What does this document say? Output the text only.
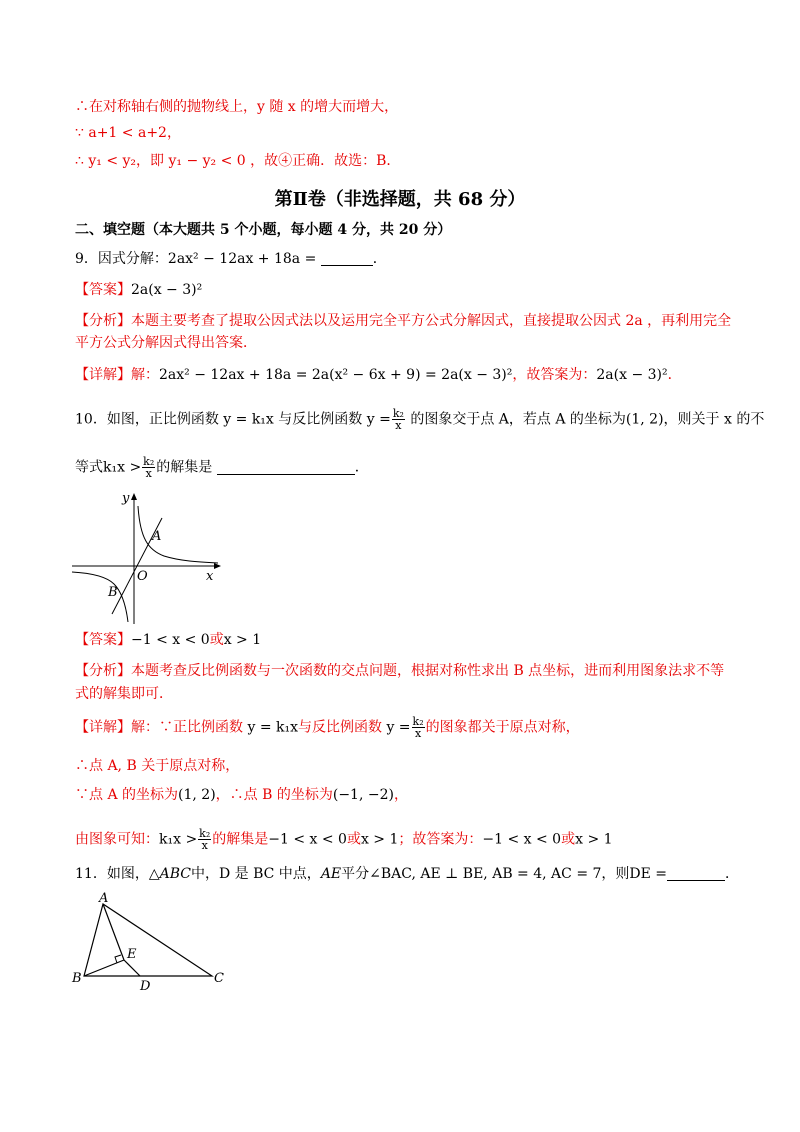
∴在对称轴右侧的抛物线上，y 随 x 的增大而增大，
∵ a+1 < a+2，
∴ y₁ < y₂，即 y₁ − y₂ < 0 ，故④正确．故选：B．
第Ⅱ卷（非选择题，共 68 分）
二、填空题（本大题共 5 个小题，每小题 4 分，共 20 分）
9．因式分解：2ax² − 12ax + 18a =	．
【答案】2a(x − 3)²
【分析】本题主要考查了提取公因式法以及运用完全平方公式分解因式，直接提取公因式 2a ，再利用完全
平方公式分解因式得出答案．
【详解】解：2ax² − 12ax + 18a = 2a(x² − 6x + 9) = 2a(x − 3)²，故答案为：2a(x − 3)²．
10．如图，正比例函数 y = k₁x 与反比例函数 $y = \frac{\text{k₂}}{x}$ 的图象交于点 A，若点 A 的坐标为(1, 2)，则关于 x 的不
等式$k_1x > \frac{\text{k₂}}{x}$ 的解集是	．
y
x
A
O
B
【答案】−1 < x < 0或x > 1
【分析】本题考查反比例函数与一次函数的交点问题，根据对称性求出 B 点坐标，进而利用图象法求不等
式的解集即可．
【详解】解：∵正比例函数 y = k₁x与反比例函数 $y = \frac{\text{k₂}}{x}$ 的图象都关于原点对称，
∴点 A, B 关于原点对称，
∵点 A 的坐标为(1, 2)，∴点 B 的坐标为(−1, −2)，
由图象可知：$k_1x > \frac{\text{k₂}}{x}$ 的解集是−1 < x < 0或x > 1；故答案为：−1 < x < 0或x > 1
11．如图，△ABC中，D 是 BC 中点，AE平分∠BAC, AE ⊥ BE, AB = 4, AC = 7，则DE =	．
A
B	C
D
E
